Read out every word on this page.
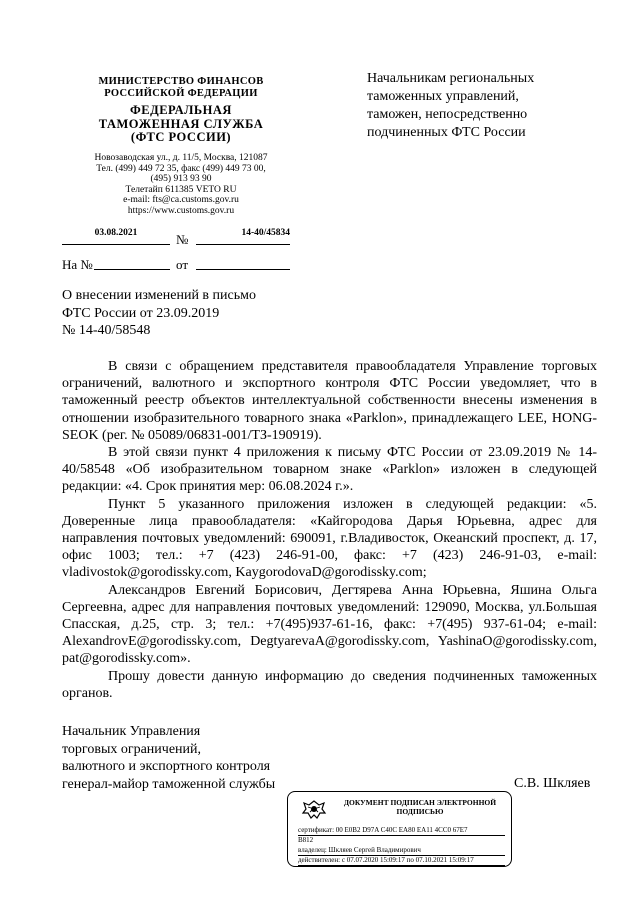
МИНИСТЕРСТВО ФИНАНСОВ
РОССИЙСКОЙ ФЕДЕРАЦИИ
ФЕДЕРАЛЬНАЯ
ТАМОЖЕННАЯ СЛУЖБА
(ФТС РОССИИ)
Новозаводская ул., д. 11/5, Москва, 121087
Тел. (499) 449 72 35, факс (499) 449 73 00,
(495) 913 93 90
Телетайп 611385 VETO RU
e-mail: fts@ca.customs.gov.ru
https://www.customs.gov.ru
03.08.2021	№	14-40/45834
На №	от
Начальникам региональных
таможенных управлений,
таможен, непосредственно
подчиненных ФТС России
О внесении изменений в письмо
ФТС России от 23.09.2019
№ 14-40/58548

В связи с обращением представителя правообладателя Управление торговых ограничений, валютного и экспортного контроля ФТС России уведомляет, что в таможенный реестр объектов интеллектуальной собственности внесены изменения в отношении изобразительного товарного знака «Parklon», принадлежащего LEE, HONG-SEOK (рег. № 05089/06831-001/ТЗ-190919).

В этой связи пункт 4 приложения к письму ФТС России от 23.09.2019 № 14-40/58548 «Об изобразительном товарном знаке «Parklon» изложен в следующей редакции: «4. Срок принятия мер: 06.08.2024 г.».

Пункт 5 указанного приложения изложен в следующей редакции: «5. Доверенные лица правообладателя: «Кайгородова Дарья Юрьевна, адрес для направления почтовых уведомлений: 690091, г.Владивосток, Океанский проспект, д. 17, офис 1003; тел.: +7 (423) 246-91-00, факс: +7 (423) 246-91-03, e-mail: vladivostok@gorodissky.com, KaygorodovaD@gorodissky.com;

Александров Евгений Борисович, Дегтярева Анна Юрьевна, Яшина Ольга Сергеевна, адрес для направления почтовых уведомлений: 129090, Москва, ул.Большая Спасская, д.25, стр. 3; тел.: +7(495)937-61-16, факс: +7(495) 937-61-04; e-mail: AlexandrovE@gorodissky.com, DegtyarevaA@gorodissky.com, YashinaO@gorodissky.com, pat@gorodissky.com».

Прошу довести данную информацию до сведения подчиненных таможенных органов.

Начальник Управления
торговых ограничений,
валютного и экспортного контроля
генерал-майор таможенной службы	С.В. Шкляев
ДОКУМЕНТ ПОДПИСАН ЭЛЕКТРОННОЙ
ПОДПИСЬЮ
сертификат: 00 E0B2 D97A C40C EA80 EA11 4CC0 67E7
B812
владелец: Шкляев Сергей Владимирович
действителен: с 07.07.2020 15:09:17 по 07.10.2021 15:09:17
